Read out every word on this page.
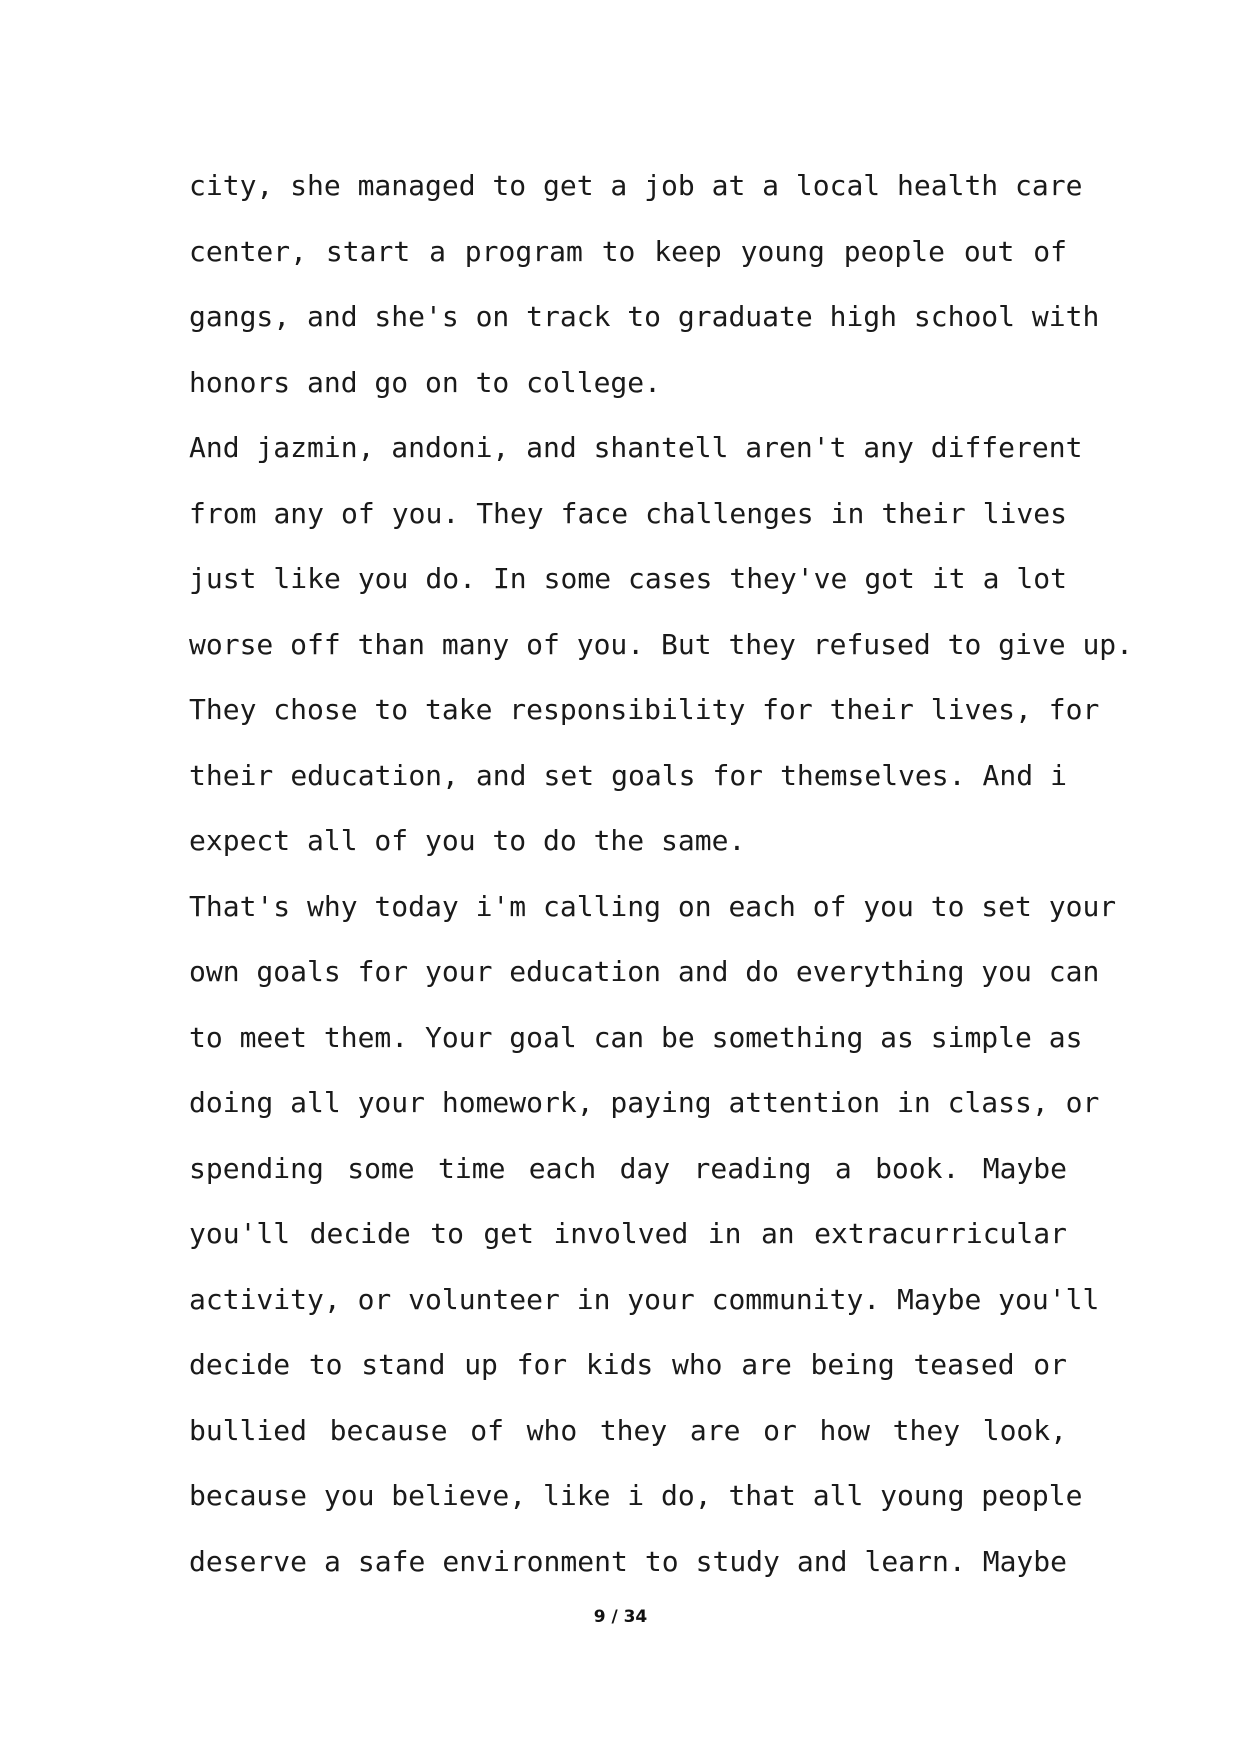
city, she managed to get a job at a local health care
center, start a program to keep young people out of
gangs, and she's on track to graduate high school with
honors and go on to college.
And jazmin, andoni, and shantell aren't any different
from any of you. They face challenges in their lives
just like you do. In some cases they've got it a lot
worse off than many of you. But they refused to give up.
They chose to take responsibility for their lives, for
their education, and set goals for themselves. And i
expect all of you to do the same.
That's why today i'm calling on each of you to set your
own goals for your education and do everything you can
to meet them. Your goal can be something as simple as
doing all your homework, paying attention in class, or
spending some time each day reading a book. Maybe
you'll decide to get involved in an extracurricular
activity, or volunteer in your community. Maybe you'll
decide to stand up for kids who are being teased or
bullied because of who they are or how they look,
because you believe, like i do, that all young people
deserve a safe environment to study and learn. Maybe
9 / 34
